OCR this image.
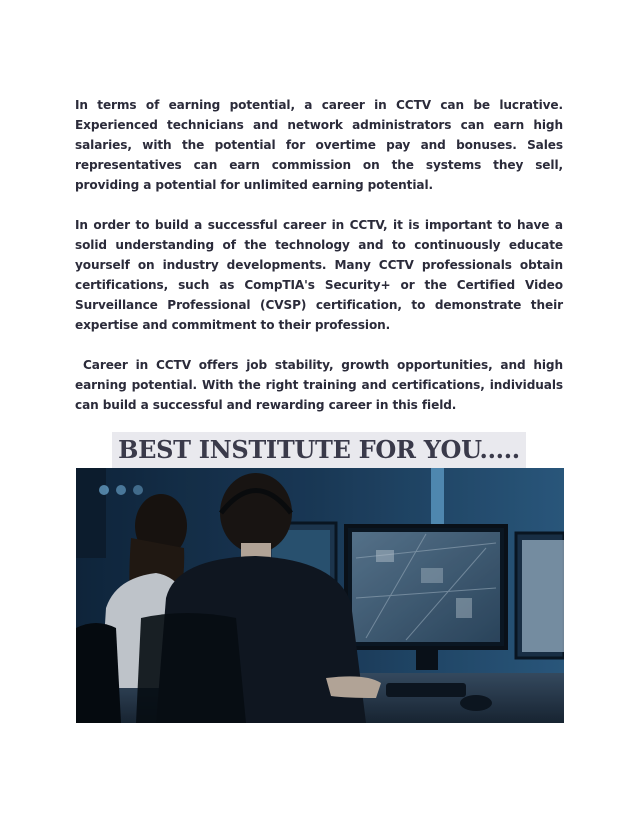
In terms of earning potential, a career in CCTV can be lucrative. Experienced technicians and network administrators can earn high salaries, with the potential for overtime pay and bonuses. Sales representatives can earn commission on the systems they sell, providing a potential for unlimited earning potential.

In order to build a successful career in CCTV, it is important to have a solid understanding of the technology and to continuously educate yourself on industry developments. Many CCTV professionals obtain certifications, such as CompTIA's Security+ or the Certified Video Surveillance Professional (CVSP) certification, to demonstrate their expertise and commitment to their profession.

Career in CCTV offers job stability, growth opportunities, and high earning potential. With the right training and certifications, individuals can build a successful and rewarding career in this field.

BEST INSTITUTE FOR YOU.....
